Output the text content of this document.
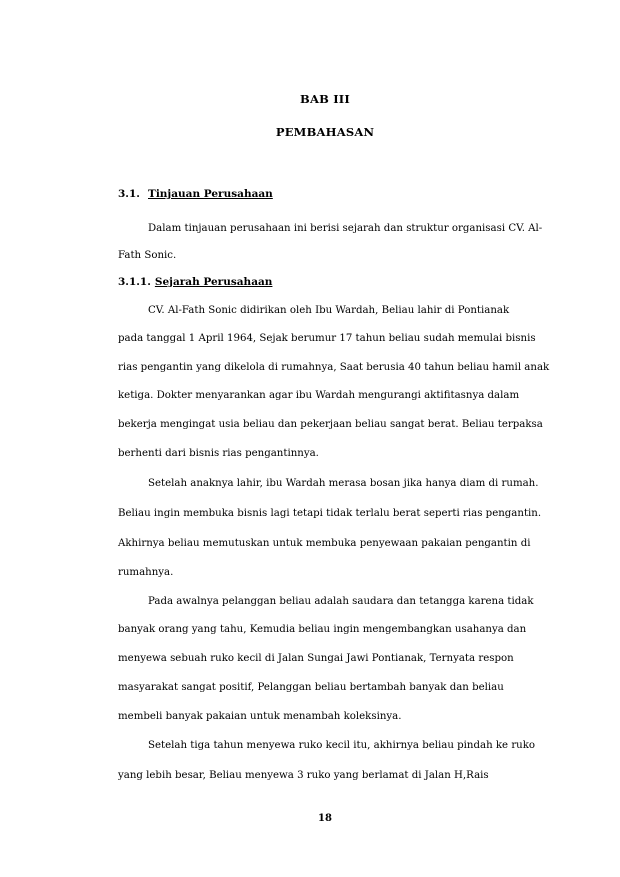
BAB III
PEMBAHASAN
3.1. Tinjauan Perusahaan
Dalam tinjauan perusahaan ini berisi sejarah dan struktur organisasi CV. Al-
Fath Sonic.
3.1.1. Sejarah Perusahaan
CV. Al-Fath Sonic didirikan oleh Ibu Wardah, Beliau lahir di Pontianak
pada tanggal 1 April 1964, Sejak berumur 17 tahun beliau sudah memulai bisnis
rias pengantin yang dikelola di rumahnya, Saat berusia 40 tahun beliau hamil anak
ketiga. Dokter menyarankan agar ibu Wardah mengurangi aktifitasnya dalam
bekerja mengingat usia beliau dan pekerjaan beliau sangat berat. Beliau terpaksa
berhenti dari bisnis rias pengantinnya.
Setelah anaknya lahir, ibu Wardah merasa bosan jika hanya diam di rumah.
Beliau ingin membuka bisnis lagi tetapi tidak terlalu berat seperti rias pengantin.
Akhirnya beliau memutuskan untuk membuka penyewaan pakaian pengantin di
rumahnya.
Pada awalnya pelanggan beliau adalah saudara dan tetangga karena tidak
banyak orang yang tahu, Kemudia beliau ingin mengembangkan usahanya dan
menyewa sebuah ruko kecil di Jalan Sungai Jawi Pontianak, Ternyata respon
masyarakat sangat positif, Pelanggan beliau bertambah banyak dan beliau
membeli banyak pakaian untuk menambah koleksinya.
Setelah tiga tahun menyewa ruko kecil itu, akhirnya beliau pindah ke ruko
yang lebih besar, Beliau menyewa 3 ruko yang berlamat di Jalan H,Rais
18
